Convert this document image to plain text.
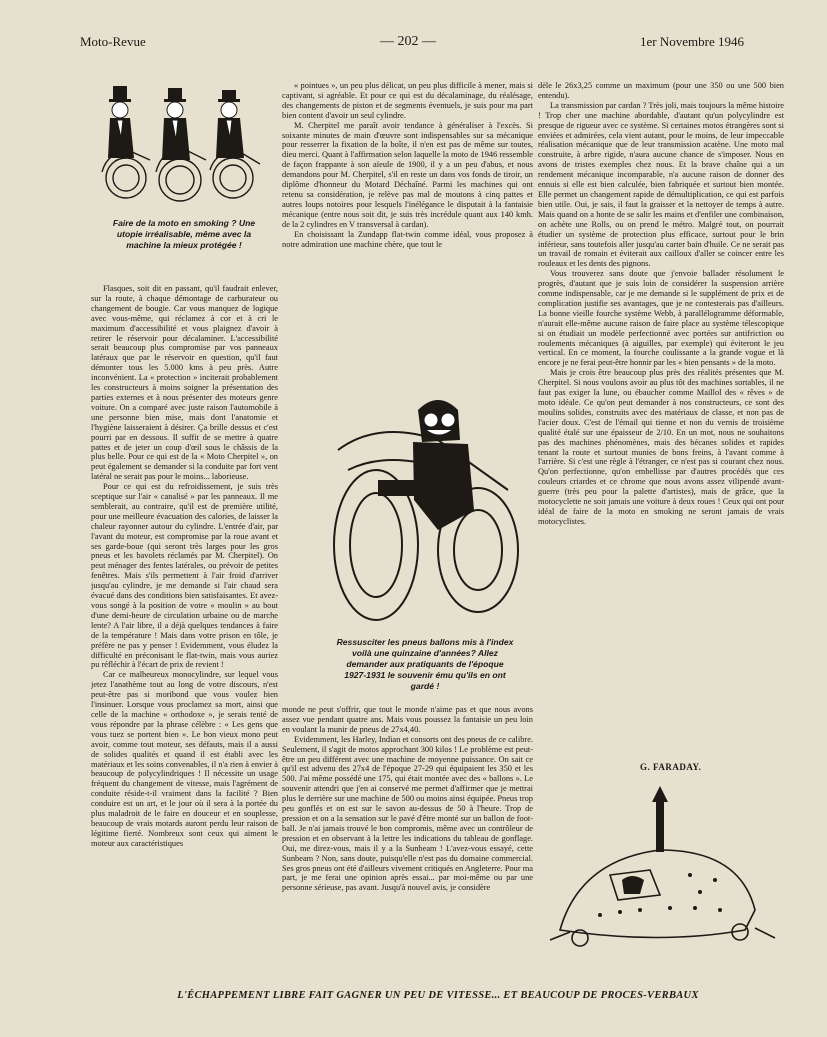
Moto-Revue	— 202 —	1er Novembre 1946
Faire de la moto en smoking ? Une utopie irréalisable, même avec la machine la mieux protégée !

Flasques, soit dit en passant, qu'il faudrait enlever, sur la route, à chaque démontage de carburateur ou changement de bougie. Car vous manquez de logique avec vous-même, qui réclamez à cor et à cri le maximum d'accessibilité et vous plaignez d'avoir à retirer le réservoir pour décalaminer. L'accessibilité serait beaucoup plus compromise par vos panneaux latéraux que par le réservoir en question, qu'il faut démonter tous les 5.000 kms à peu près. Autre inconvénient. La « protection » inciterait probablement les constructeurs à moins soigner la présentation des parties externes et à nous présenter des moteurs genre voiture. On a comparé avec juste raison l'automobile à une personne bien mise, mais dont l'anatomie et l'hygiène laisseraient à désirer. Ça brille dessus et c'est pourri par en dessous. Il suffit de se mettre à quatre pattes et de jeter un coup d'œil sous le châssis de la plus belle. Pour ce qui est de la « Moto Cherpitel », on peut également se demander si la conduite par fort vent latéral ne serait pas pour le moins... laborieuse.

Pour ce qui est du refroidissement, je suis très sceptique sur l'air « canalisé » par les panneaux. Il me semblerait, au contraire, qu'il est de première utilité, pour une meilleure évacuation des calories, de laisser la chaleur rayonner autour du cylindre. L'entrée d'air, par l'avant du moteur, est compromise par la roue avant et ses garde-boue (qui seront très larges pour les gros pneus et les bavolets réclamés par M. Cherpitel). On peut ménager des fentes latérales, ou prévoir de petites fenêtres. Mais s'ils permettent à l'air froid d'arriver jusqu'au cylindre, je me demande si l'air chaud sera évacué dans des conditions bien satisfaisantes. Et avez-vous songé à la position de votre « moulin » au bout d'une demi-heure de circulation urbaine ou de marche lente? A l'air libre, il a déjà quelques tendances à faire de la température ! Mais dans votre prison en tôle, je préfère ne pas y penser ! Evidemment, vous éludez la difficulté en préconisant le flat-twin, mais vous auriez pu réfléchir à l'écart de prix de revient !

Car ce malheureux monocylindre, sur lequel vous jetez l'anathème tout au long de votre discours, n'est peut-être pas si moribond que vous voulez bien l'insinuer. Lorsque vous proclamez sa mort, ainsi que celle de la machine « orthodoxe », je serais tenté de vous répondre par la phrase célèbre : « Les gens que vous tuez se portent bien ». Le bon vieux mono peut avoir, comme tout moteur, ses défauts, mais il a aussi de solides qualités et quand il est établi avec les matériaux et les soins convenables, il n'a rien à envier à beaucoup de polycylindriques ! Il nécessite un usage fréquent du changement de vitesse, mais l'agrément de conduite réside-t-il vraiment dans la facilité ? Bien conduire est un art, et le jour où il sera à la portée du plus maladroit de le faire en douceur et en souplesse, beaucoup de vrais motards auront perdu leur raison de légitime fierté. Nombreux sont ceux qui aiment le moteur aux caractéristiques

« pointues », un peu plus délicat, un peu plus difficile à mener, mais si captivant, si agréable. Et pour ce qui est du décalaminage, du réalésage, des changements de piston et de segments éventuels, je suis pour ma part bien content d'avoir un seul cylindre.

M. Cherpitel me paraît avoir tendance à généraliser à l'excès. Si soixante minutes de main d'œuvre sont indispensables sur sa mécanique pour resserrer la fixation de la boîte, il n'en est pas de même sur toutes, dieu merci. Quant à l'affirmation selon laquelle la moto de 1946 ressemble de façon frappante à son aïeule de 1900, il y a un peu d'abus, et nous demandons pour M. Cherpitel, s'il en reste un dans vos fonds de tiroir, un diplôme d'honneur du Motard Déchaîné. Parmi les machines qui ont retenu sa considération, je relève pas mal de moutons à cinq pattes et autres loups notoires pour lesquels l'inélégance le disputait à la fantaisie mécanique (entre nous soit dit, je suis très incrédule quant aux 140 kmh. de la 2 cylindres en V transversal à cardan).

En choisissant la Zundapp flat-twin comme idéal, vous proposez à notre admiration une machine chère, que tout le

Ressusciter les pneus ballons mis à l'index voilà une quinzaine d'années? Allez demander aux pratiquants de l'époque 1927-1931 le souvenir ému qu'ils en ont gardé !

monde ne peut s'offrir, que tout le monde n'aime pas et que nous avons assez vue pendant quatre ans. Mais vous poussez la fantaisie un peu loin en voulant la munir de pneus de 27x4,40.

Evidemment, les Harley, Indian et consorts ont des pneus de ce calibre. Seulement, il s'agit de motos approchant 300 kilos ! Le problème est peut-être un peu différent avec une machine de moyenne puissance. On sait ce qu'il est advenu des 27x4 de l'époque 27-29 qui équipaient les 350 et les 500. J'ai même possédé une 175, qui était montée avec des « ballons ». Le souvenir attendri que j'en ai conservé me permet d'affirmer que je mettrai plus le derrière sur une machine de 500 ou moins ainsi équipée. Pneus trop peu gonflés et on est sur le savon au-dessus de 50 à l'heure. Trop de pression et on a la sensation sur le pavé d'être monté sur un ballon de foot-ball. Je n'ai jamais trouvé le bon compromis, même avec un contrôleur de pression et en observant à la lettre les indications du tableau de gonflage. Oui, me direz-vous, mais il y a la Sunbeam ! L'avez-vous essayé, cette Sunbeam ? Non, sans doute, puisqu'elle n'est pas du domaine commercial. Ses gros pneus ont été d'ailleurs vivement critiqués en Angleterre. Pour ma part, je me ferai une opinion après essai... par moi-même ou par une personne sérieuse, pas avant. Jusqu'à nouvel avis, je considère

dèle le 26x3,25 comme un maximum (pour une 350 ou une 500 bien entendu).

La transmission par cardan ? Très joli, mais toujours la même histoire ! Trop cher une machine abordable, d'autant qu'un polycylindre est presque de rigueur avec ce système. Si certaines motos étrangères sont si enviées et admirées, cela vient autant, pour le moins, de leur impeccable réalisation mécanique que de leur transmission acatène. Une moto mal construite, à arbre rigide, n'aura aucune chance de s'imposer. Nous en avons de tristes exemples chez nous. Et la brave chaîne qui a un rendement mécanique incomparable, n'a aucune raison de donner des ennuis si elle est bien calculée, bien fabriquée et surtout bien montée. Elle permet un changement rapide de démultiplication, ce qui est parfois bien utile. Oui, je sais, il faut la graisser et la nettoyer de temps à autre. Mais quand on a honte de se salir les mains et d'enfiler une combinaison, on achète une Rolls, ou on prend le métro. Malgré tout, on pourrait étudier un système de protection plus efficace, surtout pour le brin inférieur, sans toutefois aller jusqu'au carter bain d'huile. Ce ne serait pas un travail de romain et éviterait aux cailloux d'aller se coincer entre les rouleaux et les dents des pignons.

Vous trouverez sans doute que j'envoie ballader résolument le progrès, d'autant que je suis loin de considérer la suspension arrière comme indispensable, car je me demande si le supplément de prix et de complication justifie ses avantages, que je ne contesterais pas d'ailleurs. La bonne vieille fourche système Webb, à parallélogramme déformable, n'aurait elle-même aucune raison de faire place au système télescopique si on étudiait un modèle perfectionné avec portées sur antifriction ou roulements mécaniques (à aiguilles, par exemple) qui éviteront le jeu vertical. En ce moment, la fourche coulissante a la grande vogue et là encore je ne ferai peut-être honnir par les « bien pensants » de la moto.

Mais je crois être beaucoup plus près des réalités présentes que M. Cherpitel. Si nous voulons avoir au plus tôt des machines sortables, il ne faut pas exiger la lune, ou ébaucher comme Maillol des « rêves » de moto idéale. Ce qu'on peut demander à nos constructeurs, ce sont des moulins solides, construits avec des matériaux de classe, et non pas de l'acier doux. C'est de l'émail qui tienne et non du vernis de troisième qualité étalé sur une épaisseur de 2/10. En un mot, nous ne souhaitons pas des machines phénomènes, mais des bécanes solides et rapides tenant la route et surtout munies de bons freins, à l'avant comme à l'arrière. Si c'est une règle à l'étranger, ce n'est pas si courant chez nous. Qu'on perfectionne, qu'on embellisse par d'autres procédés que ces couleurs criardes et ce chrome que nous avons assez vilipendé avant-guerre (très peu pour la palette d'artistes), mais de grâce, que la motocyclette ne soit jamais une voiture à deux roues ! Ceux qui ont pour idéal de faire de la moto en smoking ne seront jamais de vrais motocyclistes.

G. FARADAY.
L'ÉCHAPPEMENT LIBRE FAIT GAGNER UN PEU DE VITESSE... ET BEAUCOUP DE PROCES-VERBAUX
